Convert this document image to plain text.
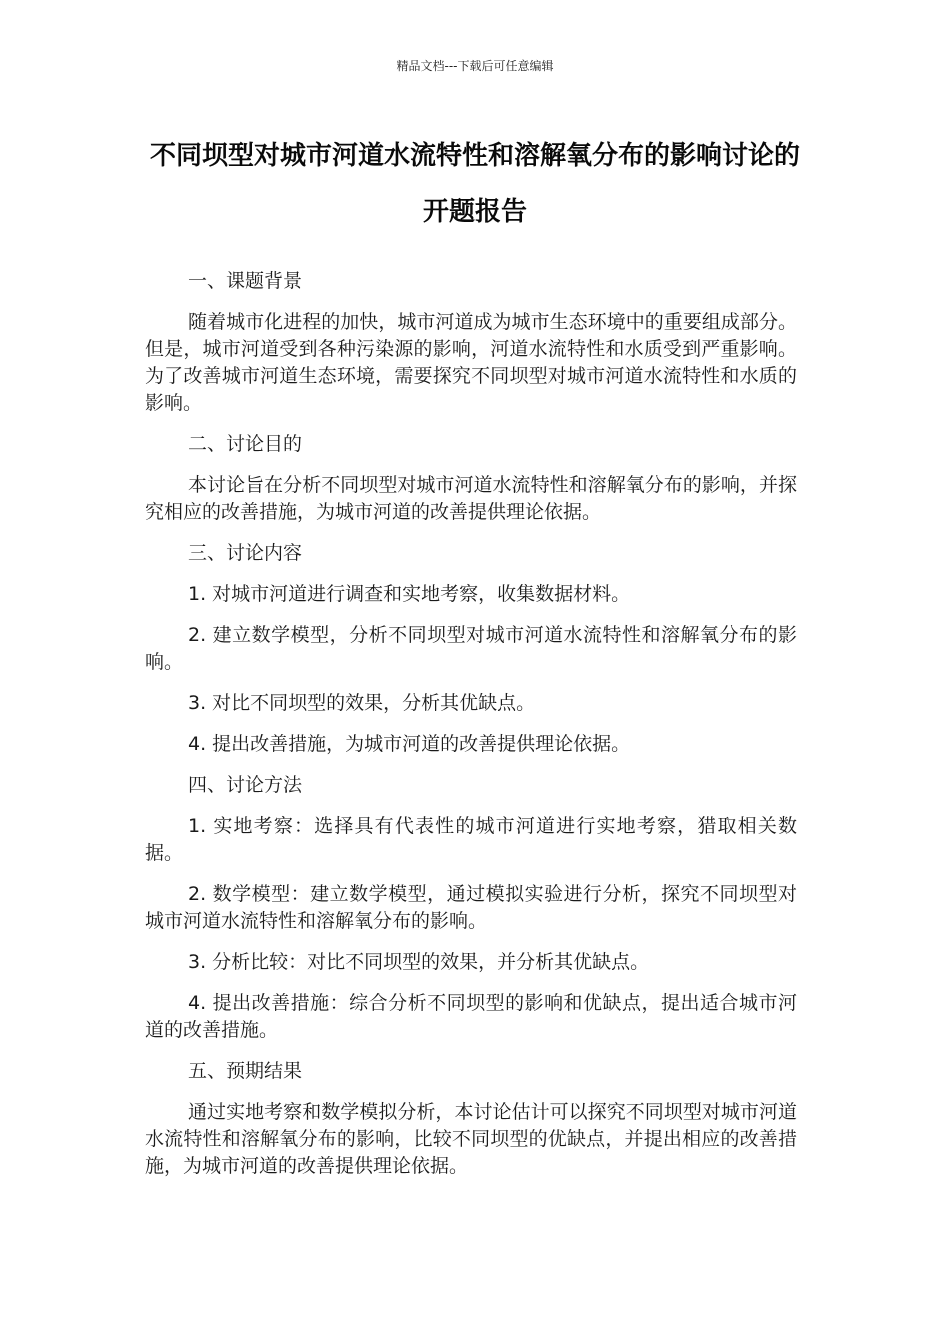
精品文档---下载后可任意编辑
不同坝型对城市河道水流特性和溶解氧分布的影响讨论的开题报告

一、课题背景

随着城市化进程的加快，城市河道成为城市生态环境中的重要组成部分。但是，城市河道受到各种污染源的影响，河道水流特性和水质受到严重影响。为了改善城市河道生态环境，需要探究不同坝型对城市河道水流特性和水质的影响。

二、讨论目的

本讨论旨在分析不同坝型对城市河道水流特性和溶解氧分布的影响，并探究相应的改善措施，为城市河道的改善提供理论依据。

三、讨论内容

1. 对城市河道进行调查和实地考察，收集数据材料。

2. 建立数学模型，分析不同坝型对城市河道水流特性和溶解氧分布的影响。

3. 对比不同坝型的效果，分析其优缺点。

4. 提出改善措施，为城市河道的改善提供理论依据。

四、讨论方法

1. 实地考察：选择具有代表性的城市河道进行实地考察，猎取相关数据。

2. 数学模型：建立数学模型，通过模拟实验进行分析，探究不同坝型对城市河道水流特性和溶解氧分布的影响。

3. 分析比较：对比不同坝型的效果，并分析其优缺点。

4. 提出改善措施：综合分析不同坝型的影响和优缺点，提出适合城市河道的改善措施。

五、预期结果

通过实地考察和数学模拟分析，本讨论估计可以探究不同坝型对城市河道水流特性和溶解氧分布的影响，比较不同坝型的优缺点，并提出相应的改善措施，为城市河道的改善提供理论依据。
